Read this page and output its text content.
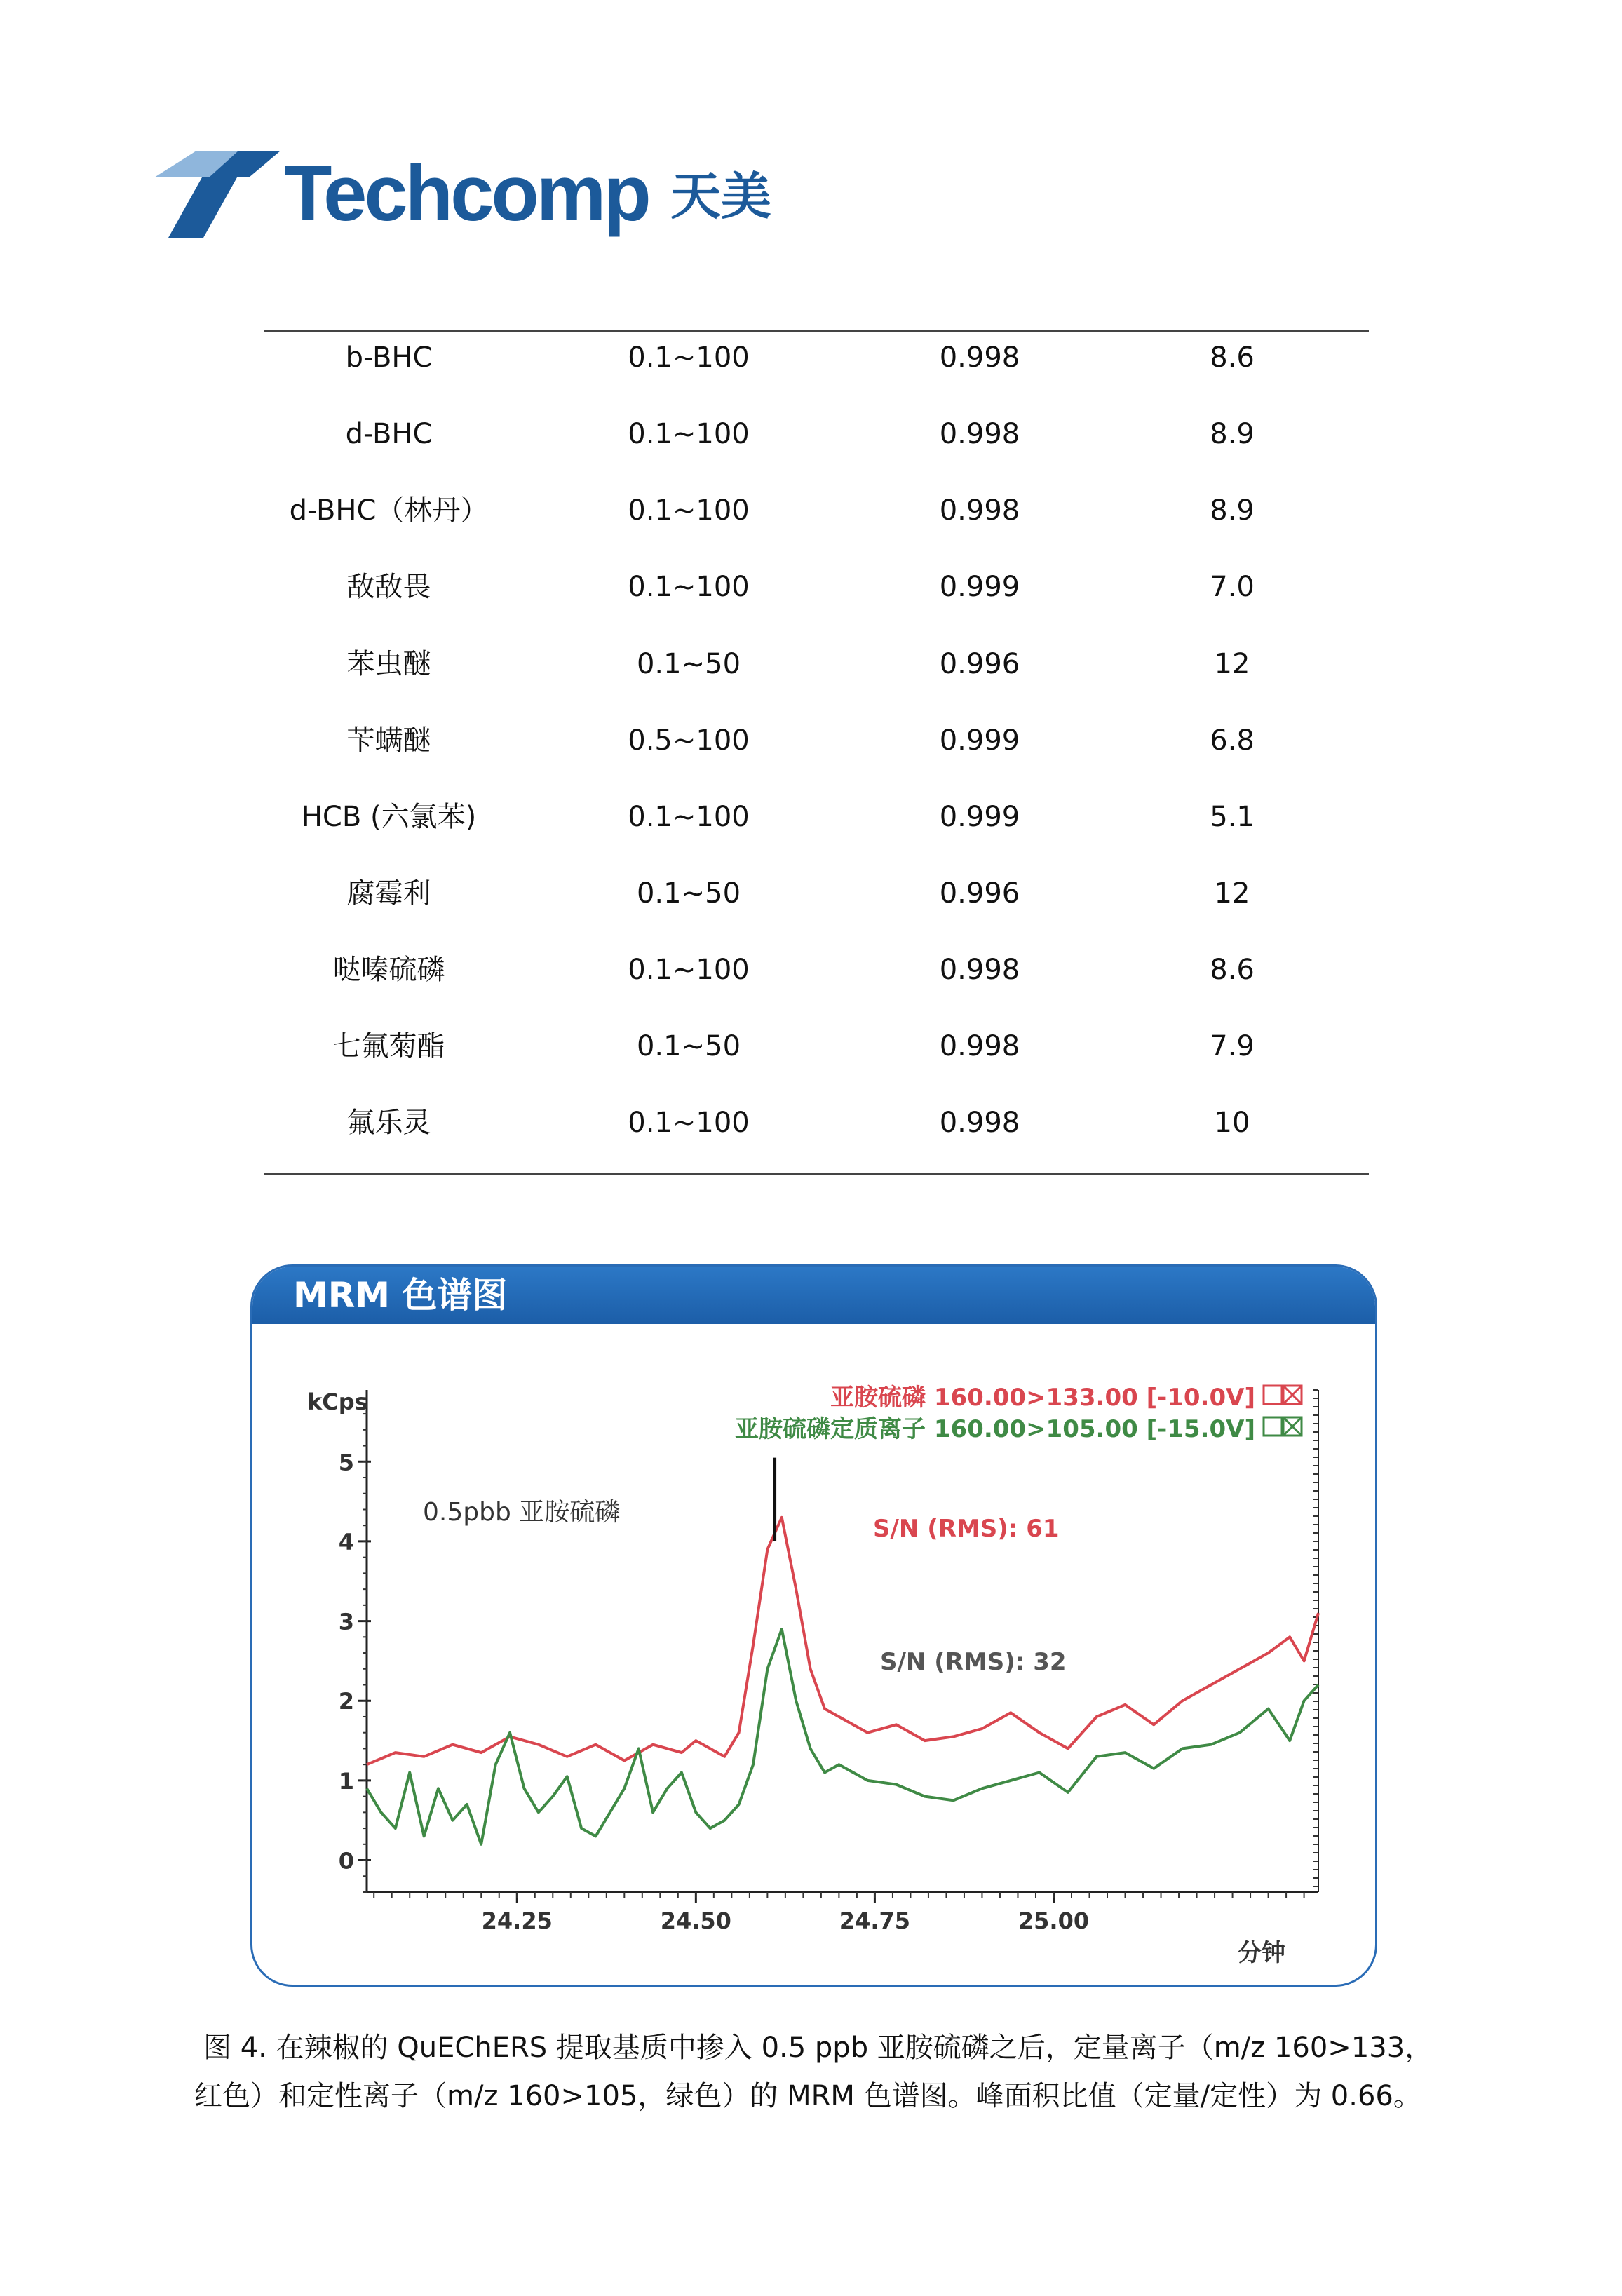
Techcomp 天美
b-BHC	0.1~100	0.998	8.6
d-BHC	0.1~100	0.998	8.9
d-BHC（林丹）	0.1~100	0.998	8.9
敌敌畏	0.1~100	0.999	7.0
苯虫醚	0.1~50	0.996	12
苄螨醚	0.5~100	0.999	6.8
HCB (六氯苯)	0.1~100	0.999	5.1
腐霉利	0.1~50	0.996	12
哒嗪硫磷	0.1~100	0.998	8.6
七氟菊酯	0.1~50	0.998	7.9
氟乐灵	0.1~100	0.998	10
MRM 色谱图
0
1
2
3
4
5
24.25	24.50	24.75	25.00
kCps
分钟
0.5pbb 亚胺硫磷
亚胺硫磷 160.00>133.00 [-10.0V]
亚胺硫磷定质离子 160.00>105.00 [-15.0V]
S/N (RMS): 61
S/N (RMS): 32
图 4. 在辣椒的 QuEChERS 提取基质中掺入 0.5 ppb 亚胺硫磷之后，定量离子（m/z 160>133，
红色）和定性离子（m/z 160>105，绿色）的 MRM 色谱图。峰面积比值（定量/定性）为 0.66。
